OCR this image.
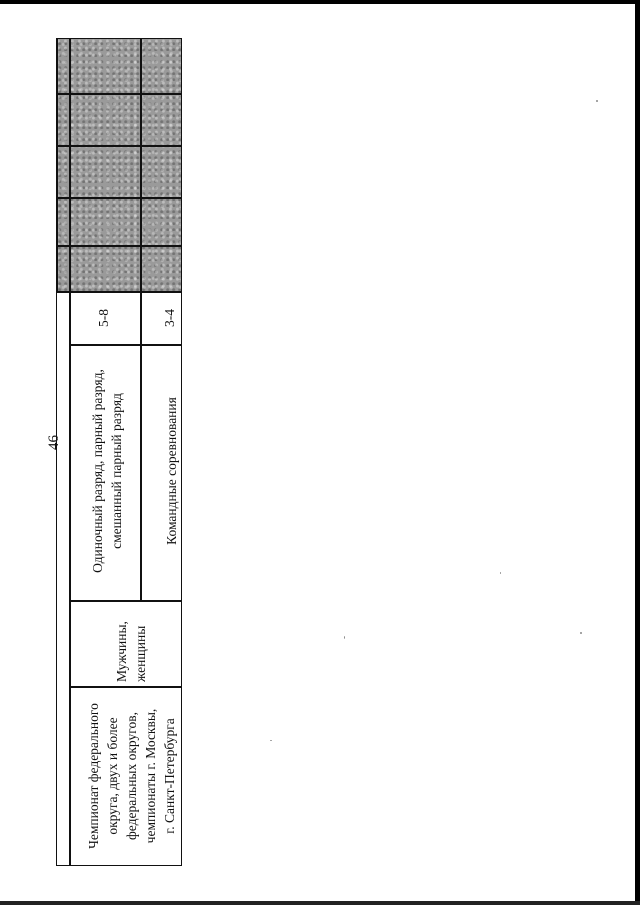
46
Чемпионат федерального округа, двух и более федеральных округов, чемпионаты г. Москвы, г. Санкт-Петербурга
Мужчины, женщины
Одиночный разряд, парный разряд, смешанный парный разряд
5-8
Командные соревнования
3-4
